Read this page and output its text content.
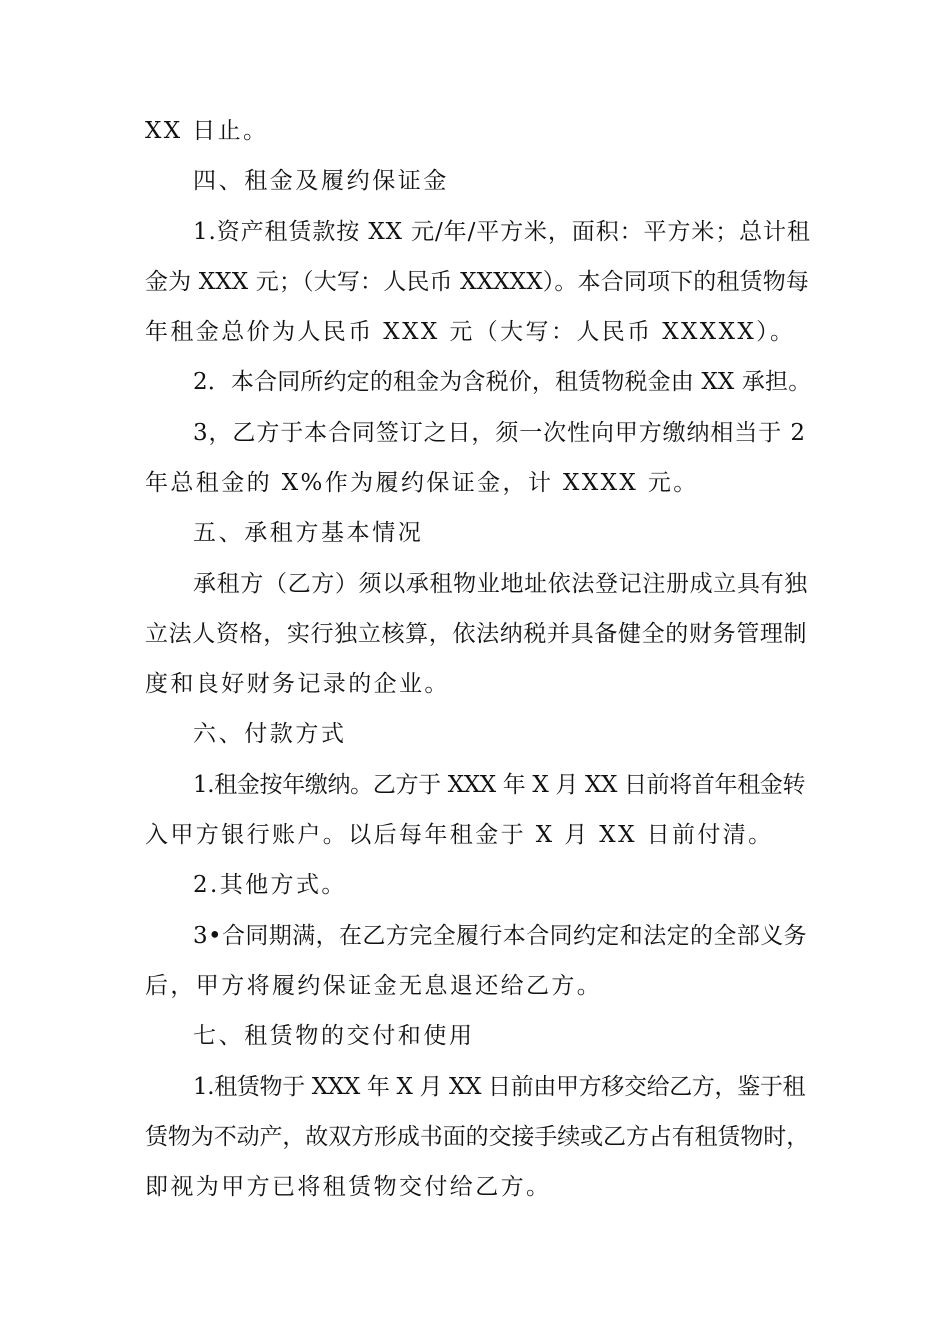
XX 日止。
四、租金及履约保证金
1.资产租赁款按 XX 元/年/平方米，面积：平方米；总计租
金为 XXX 元；（大写：人民币 XXXXX）。本合同项下的租赁物每
年租金总价为人民币 XXX 元（大写：人民币 XXXXX）。
2．本合同所约定的租金为含税价，租赁物税金由 XX 承担。
3，乙方于本合同签订之日，须一次性向甲方缴纳相当于 2
年总租金的 X%作为履约保证金，计 XXXX 元。
五、承租方基本情况
承租方（乙方）须以承租物业地址依法登记注册成立具有独
立法人资格，实行独立核算，依法纳税并具备健全的财务管理制
度和良好财务记录的企业。
六、付款方式
1.租金按年缴纳。乙方于 XXX 年 X 月 XX 日前将首年租金转
入甲方银行账户。以后每年租金于 X 月 XX 日前付清。
2.其他方式。
3•合同期满，在乙方完全履行本合同约定和法定的全部义务
后，甲方将履约保证金无息退还给乙方。
七、租赁物的交付和使用
1.租赁物于 XXX 年 X 月 XX 日前由甲方移交给乙方，鉴于租
赁物为不动产，故双方形成书面的交接手续或乙方占有租赁物时，
即视为甲方已将租赁物交付给乙方。
